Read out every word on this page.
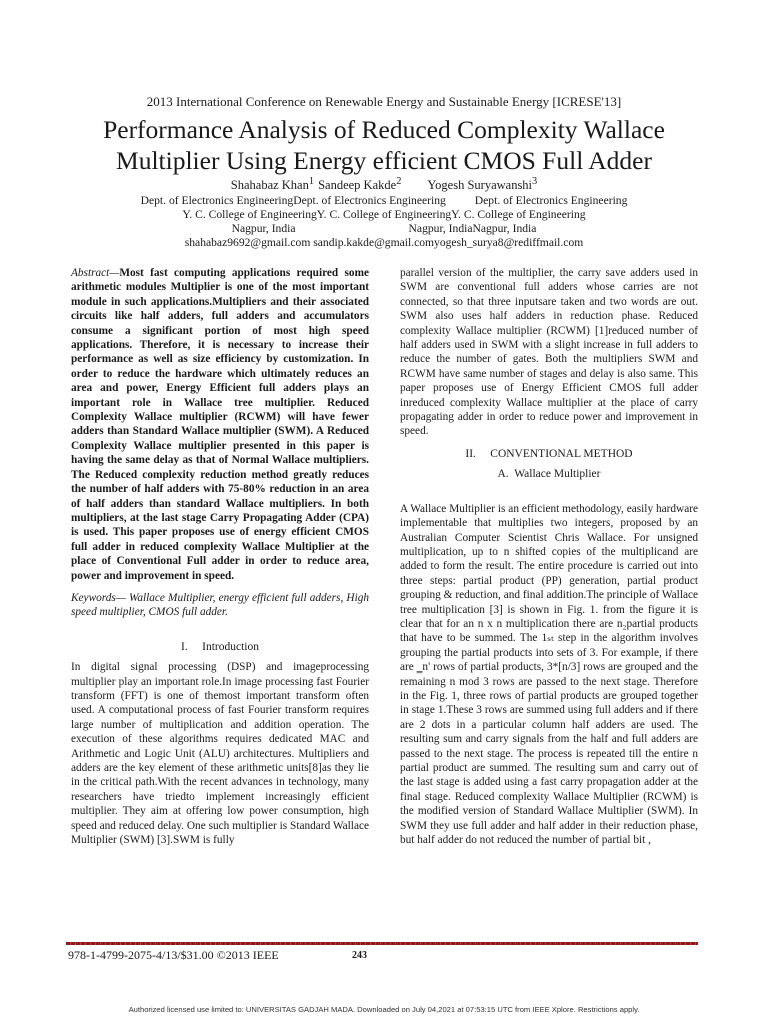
2013 International Conference on Renewable Energy and Sustainable Energy [ICRESE'13]
Performance Analysis of Reduced Complexity Wallace
Multiplier Using Energy efficient CMOS Full Adder
Shahabaz Khan$^1$ Sandeep Kakde$^2$ Yogesh Suryawanshi$^3$
Dept. of Electronics EngineeringDept. of Electronics Engineering          Dept. of Electronics Engineering
Y. C. College of EngineeringY. C. College of EngineeringY. C. College of Engineering
Nagpur, India                                       Nagpur, IndiaNagpur, India
shahabaz9692@gmail.com sandip.kakde@gmail.comyogesh_surya8@rediffmail.com

Abstract—Most fast computing applications required some arithmetic modules Multiplier is one of the most important module in such applications.Multipliers and their associated circuits like half adders, full adders and accumulators consume a significant portion of most high speed applications. Therefore, it is necessary to increase their performance as well as size efficiency by customization. In order to reduce the hardware which ultimately reduces an area and power, Energy Efficient full adders plays an important role in Wallace tree multiplier. Reduced Complexity Wallace multiplier (RCWM) will have fewer adders than Standard Wallace multiplier (SWM). A Reduced Complexity Wallace multiplier presented in this paper is having the same delay as that of Normal Wallace multipliers. The Reduced complexity reduction method greatly reduces the number of half adders with 75-80% reduction in an area of half adders than standard Wallace multipliers. In both multipliers, at the last stage Carry Propagating Adder (CPA) is used. This paper proposes use of energy efficient CMOS full adder in reduced complexity Wallace Multiplier at the place of Conventional Full adder in order to reduce area, power and improvement in speed.

Keywords— Wallace Multiplier, energy efficient full adders, High speed multiplier, CMOS full adder.

I.     Introduction

In digital signal processing (DSP) and imageprocessing multiplier play an important role.In image processing fast Fourier transform (FFT) is one of themost important transform often used. A computational process of fast Fourier transform requires large number of multiplication and addition operation. The execution of these algorithms requires dedicated MAC and Arithmetic and Logic Unit (ALU) architectures. Multipliers and adders are the key element of these arithmetic units[8]as they lie in the critical path.With the recent advances in technology, many researchers have triedto implement increasingly efficient multiplier. They aim at offering low power consumption, high speed and reduced delay. One such multiplier is Standard Wallace Multiplier (SWM) [3].SWM is fully

parallel version of the multiplier, the carry save adders used in SWM are conventional full adders whose carries are not connected, so that three inputsare taken and two words are out. SWM also uses half adders in reduction phase. Reduced complexity Wallace multiplier (RCWM) [1]reduced number of half adders used in SWM with a slight increase in full adders to reduce the number of gates. Both the multipliers SWM and RCWM have same number of stages and delay is also same. This paper proposes use of Energy Efficient CMOS full adder inreduced complexity Wallace multiplier at the place of carry propagating adder in order to reduce power and improvement in speed.

II.     CONVENTIONAL METHOD

A.  Wallace Multiplier

A Wallace Multiplier is an efficient methodology, easily hardware implementable that multiplies two integers, proposed by an Australian Computer Scientist Chris Wallace. For unsigned multiplication, up to n shifted copies of the multiplicand are added to form the result. The entire procedure is carried out into three steps: partial product (PP) generation, partial product grouping & reduction, and final addition.The principle of Wallace tree multiplication [3] is shown in Fig. 1. from the figure it is clear that for an n x n multiplication there are n₂partial products that have to be summed. The 1ₛₜ step in the algorithm involves grouping the partial products into sets of 3. For example, if there are ‗n' rows of partial products, 3*[n/3] rows are grouped and the remaining n mod 3 rows are passed to the next stage. Therefore in the Fig. 1, three rows of partial products are grouped together in stage 1.These 3 rows are summed using full adders and if there are 2 dots in a particular column half adders are used. The resulting sum and carry signals from the half and full adders are passed to the next stage. The process is repeated till the entire n partial product are summed. The resulting sum and carry out of the last stage is added using a fast carry propagation adder at the final stage. Reduced complexity Wallace Multiplier (RCWM) is the modified version of Standard Wallace Multiplier (SWM). In SWM they use full adder and half adder in their reduction phase, but half adder do not reduced the number of partial bit ,

978-1-4799-2075-4/13/$31.00 ©2013 IEEE	243
Authorized licensed use limited to: UNIVERSITAS GADJAH MADA. Downloaded on July 04,2021 at 07:53:15 UTC from IEEE Xplore. Restrictions apply.
